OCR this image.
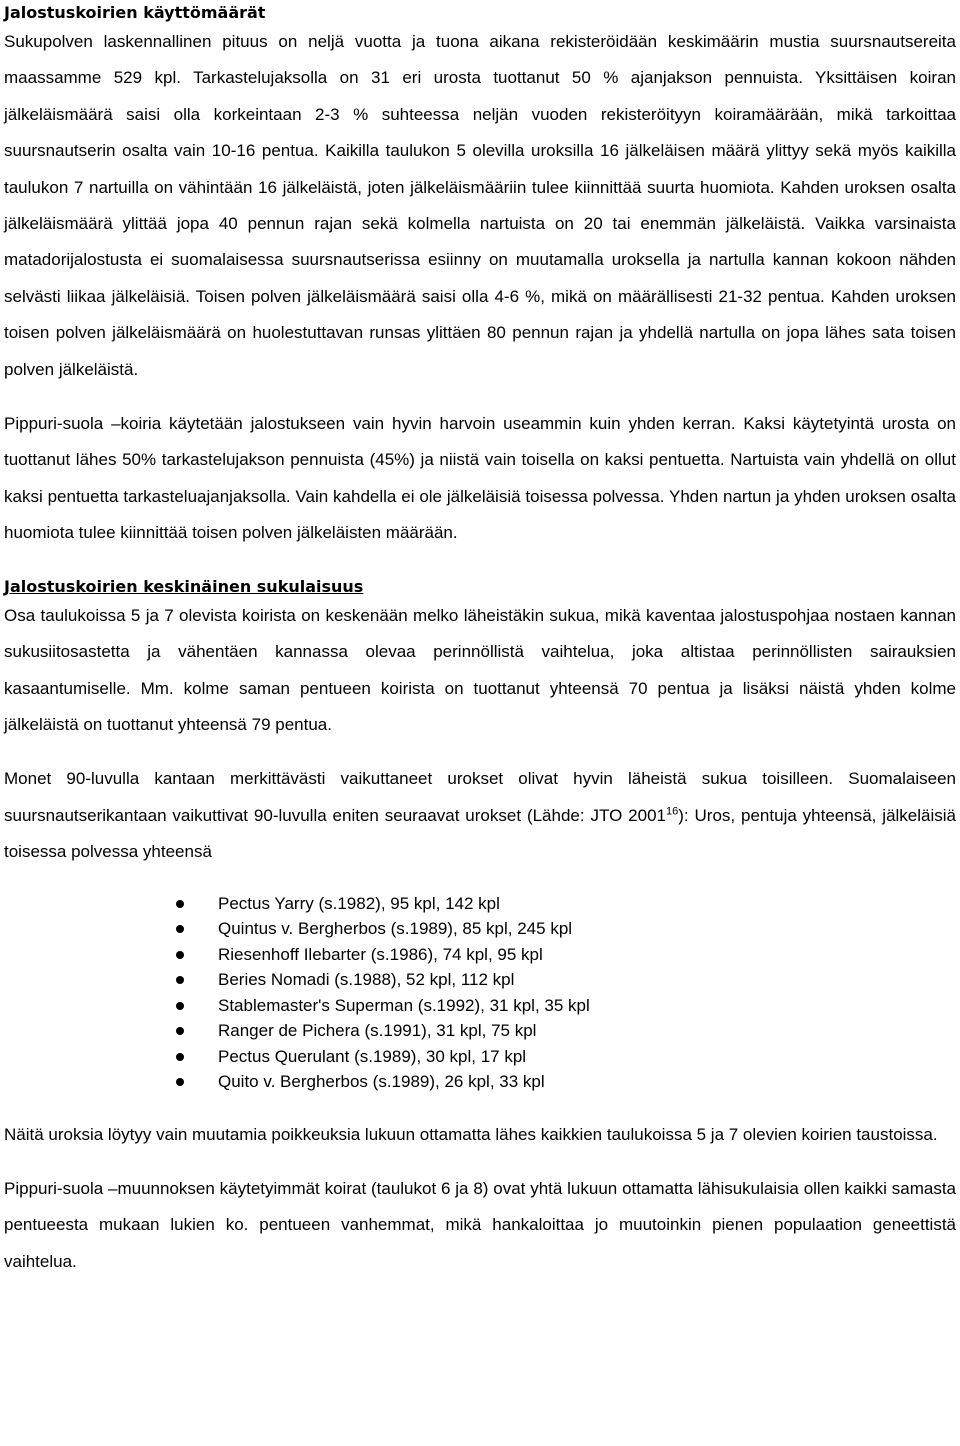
Jalostuskoirien käyttömäärät

Sukupolven laskennallinen pituus on neljä vuotta ja tuona aikana rekisteröidään keskimäärin mustia suursnautsereita maassamme 529 kpl. Tarkastelujaksolla on 31 eri urosta tuottanut 50 % ajanjakson pennuista. Yksittäisen koiran jälkeläismäärä saisi olla korkeintaan 2-3 % suhteessa neljän vuoden rekisteröityyn koiramäärään, mikä tarkoittaa suursnautserin osalta vain 10-16 pentua. Kaikilla taulukon 5 olevilla uroksilla 16 jälkeläisen määrä ylittyy sekä myös kaikilla taulukon 7 nartuilla on vähintään 16 jälkeläistä, joten jälkeläismääriin tulee kiinnittää suurta huomiota. Kahden uroksen osalta jälkeläismäärä ylittää jopa 40 pennun rajan sekä kolmella nartuista on 20 tai enemmän jälkeläistä. Vaikka varsinaista matadorijalostusta ei suomalaisessa suursnautserissa esiinny on muutamalla uroksella ja nartulla kannan kokoon nähden selvästi liikaa jälkeläisiä. Toisen polven jälkeläismäärä saisi olla 4-6 %, mikä on määrällisesti 21-32 pentua. Kahden uroksen toisen polven jälkeläismäärä on huolestuttavan runsas ylittäen 80 pennun rajan ja yhdellä nartulla on jopa lähes sata toisen polven jälkeläistä.

Pippuri-suola –koiria käytetään jalostukseen vain hyvin harvoin useammin kuin yhden kerran. Kaksi käytetyintä urosta on tuottanut lähes 50% tarkastelujakson pennuista (45%) ja niistä vain toisella on kaksi pentuetta. Nartuista vain yhdellä on ollut kaksi pentuetta tarkasteluajanjaksolla. Vain kahdella ei ole jälkeläisiä toisessa polvessa. Yhden nartun ja yhden uroksen osalta huomiota tulee kiinnittää toisen polven jälkeläisten määrään.

Jalostuskoirien keskinäinen sukulaisuus

Osa taulukoissa 5 ja 7 olevista koirista on keskenään melko läheistäkin sukua, mikä kaventaa jalostuspohjaa nostaen kannan sukusiitosastetta ja vähentäen kannassa olevaa perinnöllistä vaihtelua, joka altistaa perinnöllisten sairauksien kasaantumiselle. Mm. kolme saman pentueen koirista on tuottanut yhteensä 70 pentua ja lisäksi näistä yhden kolme jälkeläistä on tuottanut yhteensä 79 pentua.

Monet 90-luvulla kantaan merkittävästi vaikuttaneet urokset olivat hyvin läheistä sukua toisilleen. Suomalaiseen suursnautserikantaan vaikuttivat 90-luvulla eniten seuraavat urokset (Lähde: JTO 2001$^{16}$): Uros, pentuja yhteensä, jälkeläisiä toisessa polvessa yhteensä

Pectus Yarry (s.1982), 95 kpl, 142 kpl
Quintus v. Bergherbos (s.1989), 85 kpl, 245 kpl
Riesenhoff Ilebarter (s.1986), 74 kpl, 95 kpl
Beries Nomadi (s.1988), 52 kpl, 112 kpl
Stablemaster's Superman (s.1992), 31 kpl, 35 kpl
Ranger de Pichera (s.1991), 31 kpl, 75 kpl
Pectus Querulant (s.1989), 30 kpl, 17 kpl
Quito v. Bergherbos (s.1989), 26 kpl, 33 kpl

Näitä uroksia löytyy vain muutamia poikkeuksia lukuun ottamatta lähes kaikkien taulukoissa 5 ja 7 olevien koirien taustoissa.

Pippuri-suola –muunnoksen käytetyimmät koirat (taulukot 6 ja 8) ovat yhtä lukuun ottamatta lähisukulaisia ollen kaikki samasta pentueesta mukaan lukien ko. pentueen vanhemmat, mikä hankaloittaa jo muutoinkin pienen populaation geneettistä vaihtelua.
